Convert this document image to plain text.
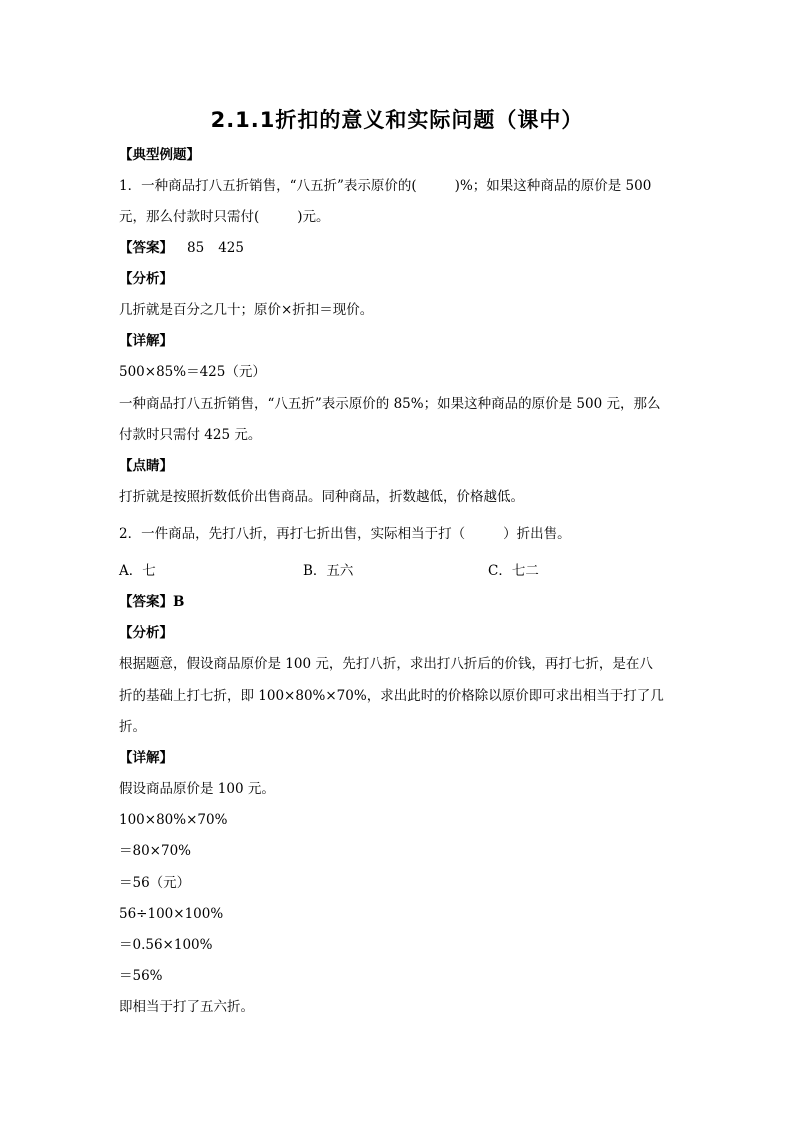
2.1.1折扣的意义和实际问题（课中）
【典型例题】
1．一种商品打八五折销售，“八五折”表示原价的(	)%；如果这种商品的原价是 500
元，那么付款时只需付(	)元。
【答案】 85 425
【分析】
几折就是百分之几十；原价×折扣＝现价。
【详解】
500×85%＝425（元）
一种商品打八五折销售，“八五折”表示原价的 85%；如果这种商品的原价是 500 元，那么
付款时只需付 425 元。
【点睛】
打折就是按照折数低价出售商品。同种商品，折数越低，价格越低。
2．一件商品，先打八折，再打七折出售，实际相当于打（	）折出售。
A．七	B．五六	C．七二
【答案】B
【分析】
根据题意，假设商品原价是 100 元，先打八折，求出打八折后的价钱，再打七折，是在八
折的基础上打七折，即 100×80%×70%，求出此时的价格除以原价即可求出相当于打了几
折。
【详解】
假设商品原价是 100 元。
100×80%×70%
＝80×70%
＝56（元）
56÷100×100%
＝0.56×100%
＝56%
即相当于打了五六折。
